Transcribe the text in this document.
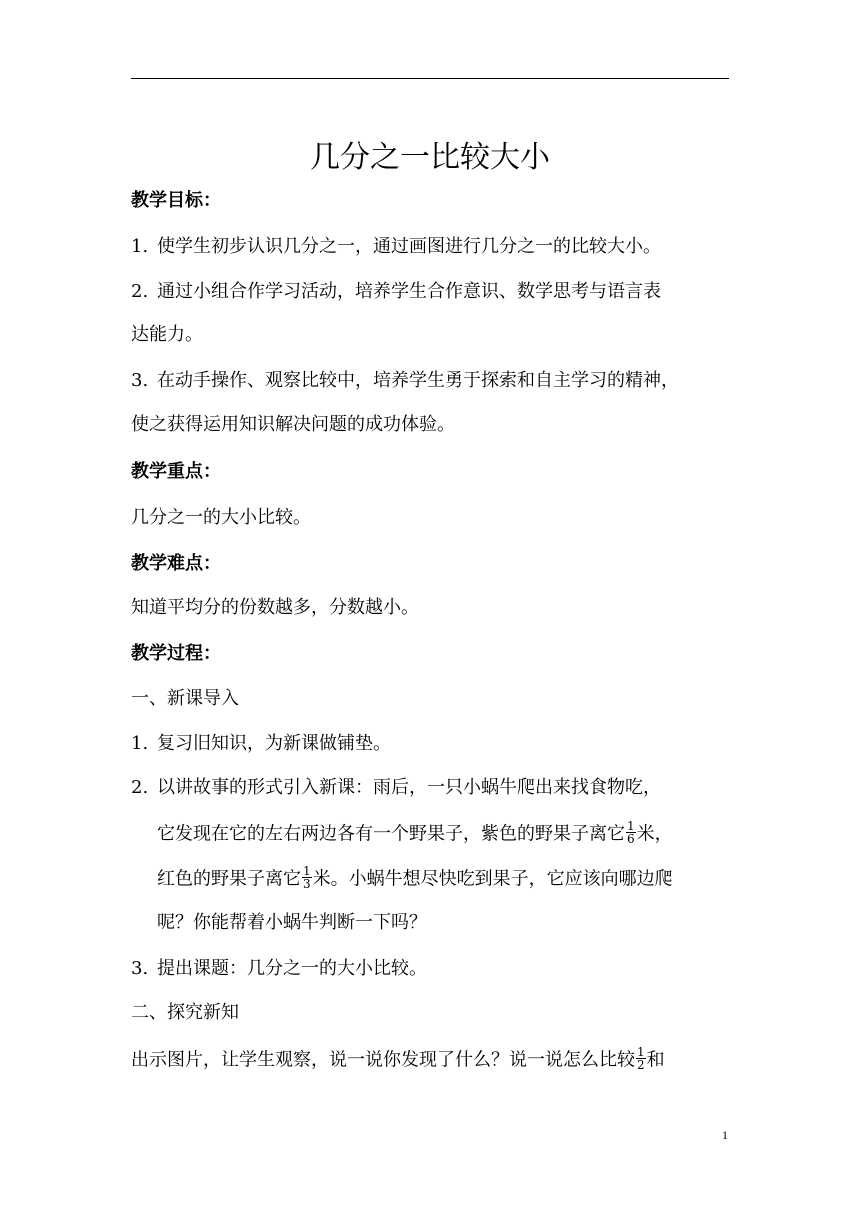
几分之一比较大小
教学目标：
1. 使学生初步认识几分之一，通过画图进行几分之一的比较大小。
2. 通过小组合作学习活动，培养学生合作意识、数学思考与语言表
达能力。
3. 在动手操作、观察比较中，培养学生勇于探索和自主学习的精神，
使之获得运用知识解决问题的成功体验。
教学重点：
几分之一的大小比较。
教学难点：
知道平均分的份数越多，分数越小。
教学过程：
一、新课导入
1. 复习旧知识，为新课做铺垫。
2. 以讲故事的形式引入新课：雨后，一只小蜗牛爬出来找食物吃，
它发现在它的左右两边各有一个野果子，紫色的野果子离它 $\frac{1}{6}$ 米，
红色的野果子离它 $\frac{1}{3}$ 米。小蜗牛想尽快吃到果子，它应该向哪边爬
呢？你能帮着小蜗牛判断一下吗？
3. 提出课题：几分之一的大小比较。
二、探究新知
出示图片，让学生观察，说一说你发现了什么？说一说怎么比较 $\frac{1}{2}$ 和
1
